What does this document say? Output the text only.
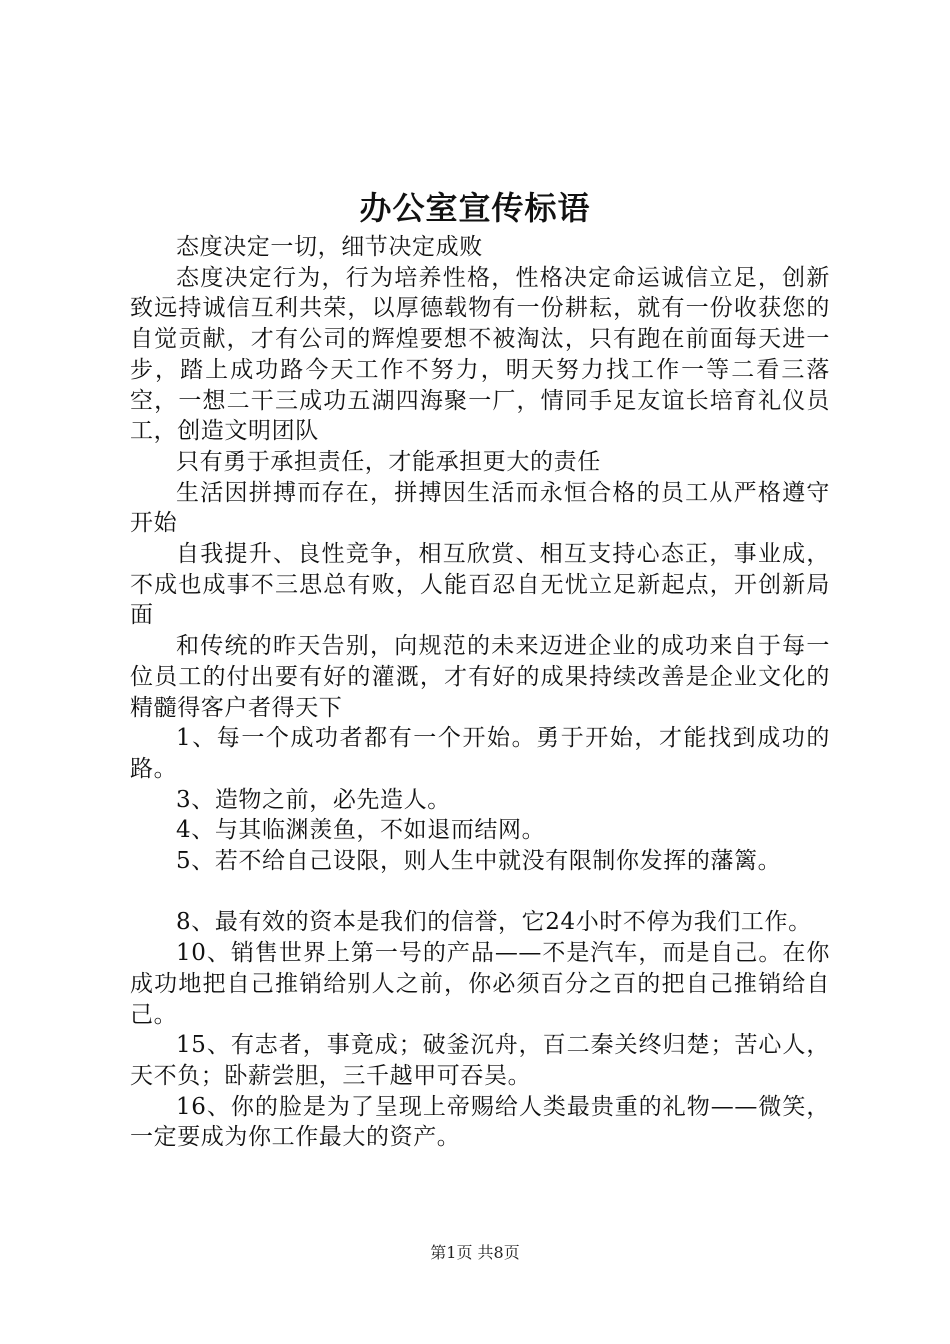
办公室宣传标语

态度决定一切，细节决定成败

态度决定行为，行为培养性格，性格决定命运诚信立足，创新致远持诚信互利共荣，以厚德载物有一份耕耘，就有一份收获您的自觉贡献，才有公司的辉煌要想不被淘汰，只有跑在前面每天进一步，踏上成功路今天工作不努力，明天努力找工作一等二看三落空，一想二干三成功五湖四海聚一厂，情同手足友谊长培育礼仪员工，创造文明团队

只有勇于承担责任，才能承担更大的责任

生活因拼搏而存在，拼搏因生活而永恒合格的员工从严格遵守开始

自我提升、良性竞争，相互欣赏、相互支持心态正，事业成，不成也成事不三思总有败，人能百忍自无忧立足新起点，开创新局面

和传统的昨天告别，向规范的未来迈进企业的成功来自于每一位员工的付出要有好的灌溉，才有好的成果持续改善是企业文化的精髓得客户者得天下

1、每一个成功者都有一个开始。勇于开始，才能找到成功的路。

3、造物之前，必先造人。

4、与其临渊羡鱼，不如退而结网。

5、若不给自己设限，则人生中就没有限制你发挥的藩篱。

8、最有效的资本是我们的信誉，它24小时不停为我们工作。

10、销售世界上第一号的产品——不是汽车，而是自己。在你成功地把自己推销给别人之前，你必须百分之百的把自己推销给自己。

15、有志者，事竟成；破釜沉舟，百二秦关终归楚；苦心人，天不负；卧薪尝胆，三千越甲可吞吴。

16、你的脸是为了呈现上帝赐给人类最贵重的礼物——微笑，一定要成为你工作最大的资产。

第1页 共8页
